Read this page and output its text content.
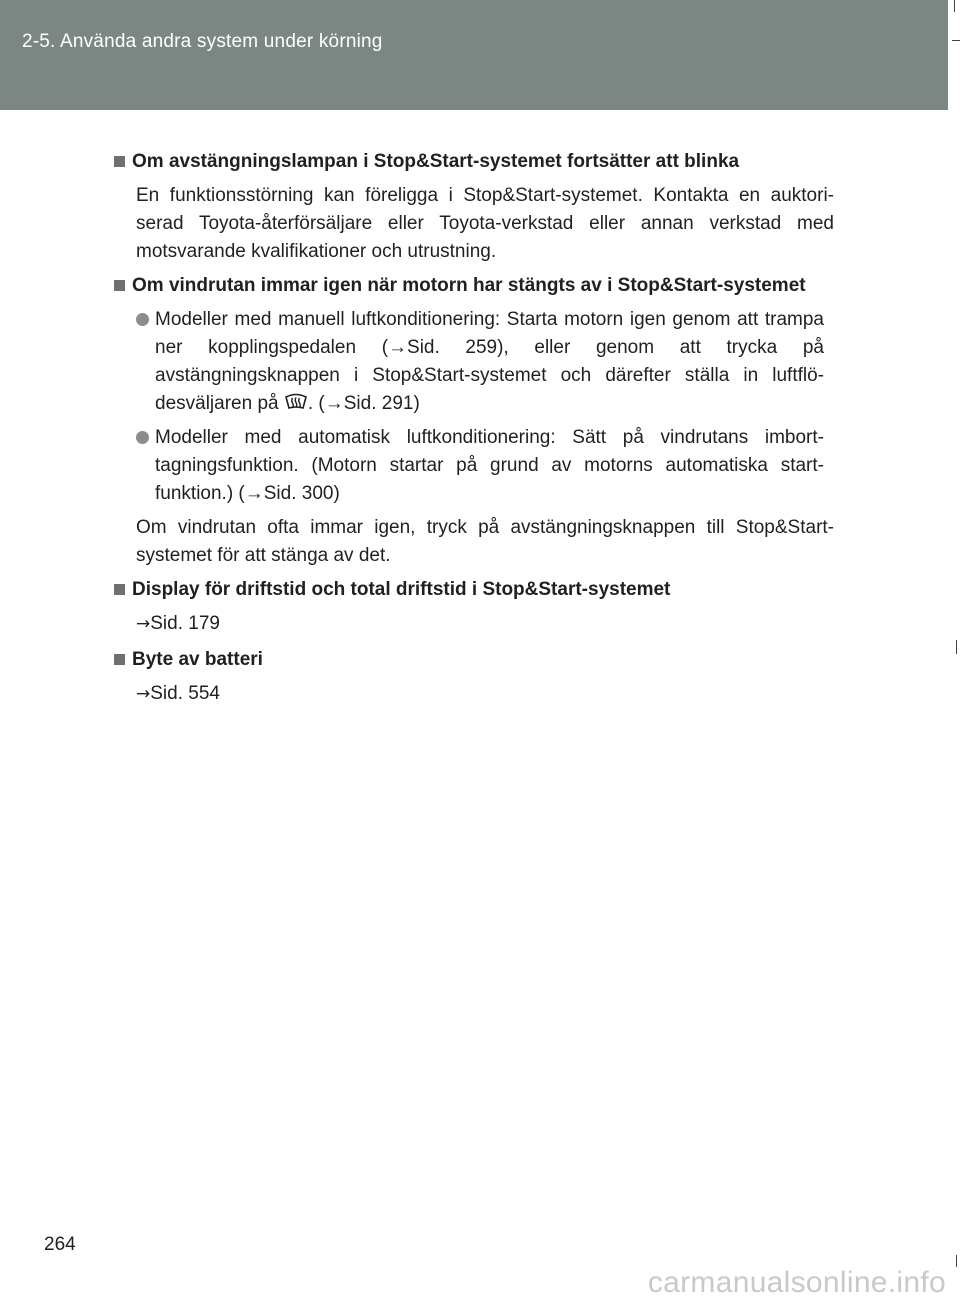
2-5. Använda andra system under körning
Om avstängningslampan i Stop&Start-systemet fortsätter att blinka

En funktionsstörning kan föreligga i Stop&Start-systemet. Kontakta en auktori-serad Toyota-återförsäljare eller Toyota-verkstad eller annan verkstad med motsvarande kvalifikationer och utrustning.

Om vindrutan immar igen när motorn har stängts av i Stop&Start-systemet
Modeller med manuell luftkonditionering: Starta motorn igen genom att trampa ner kopplingspedalen (→Sid. 259), eller genom att trycka på avstängningsknappen i Stop&Start-systemet och därefter ställa in luftflö-desväljaren på . (→Sid. 291)
Modeller med automatisk luftkonditionering: Sätt på vindrutans imbort-tagningsfunktion. (Motorn startar på grund av motorns automatiska start-funktion.) (→Sid. 300)

Om vindrutan ofta immar igen, tryck på avstängningsknappen till Stop&Start-systemet för att stänga av det.

Display för driftstid och total driftstid i Stop&Start-systemet
→Sid. 179
Byte av batteri
→Sid. 554
264
carmanualsonline.info
